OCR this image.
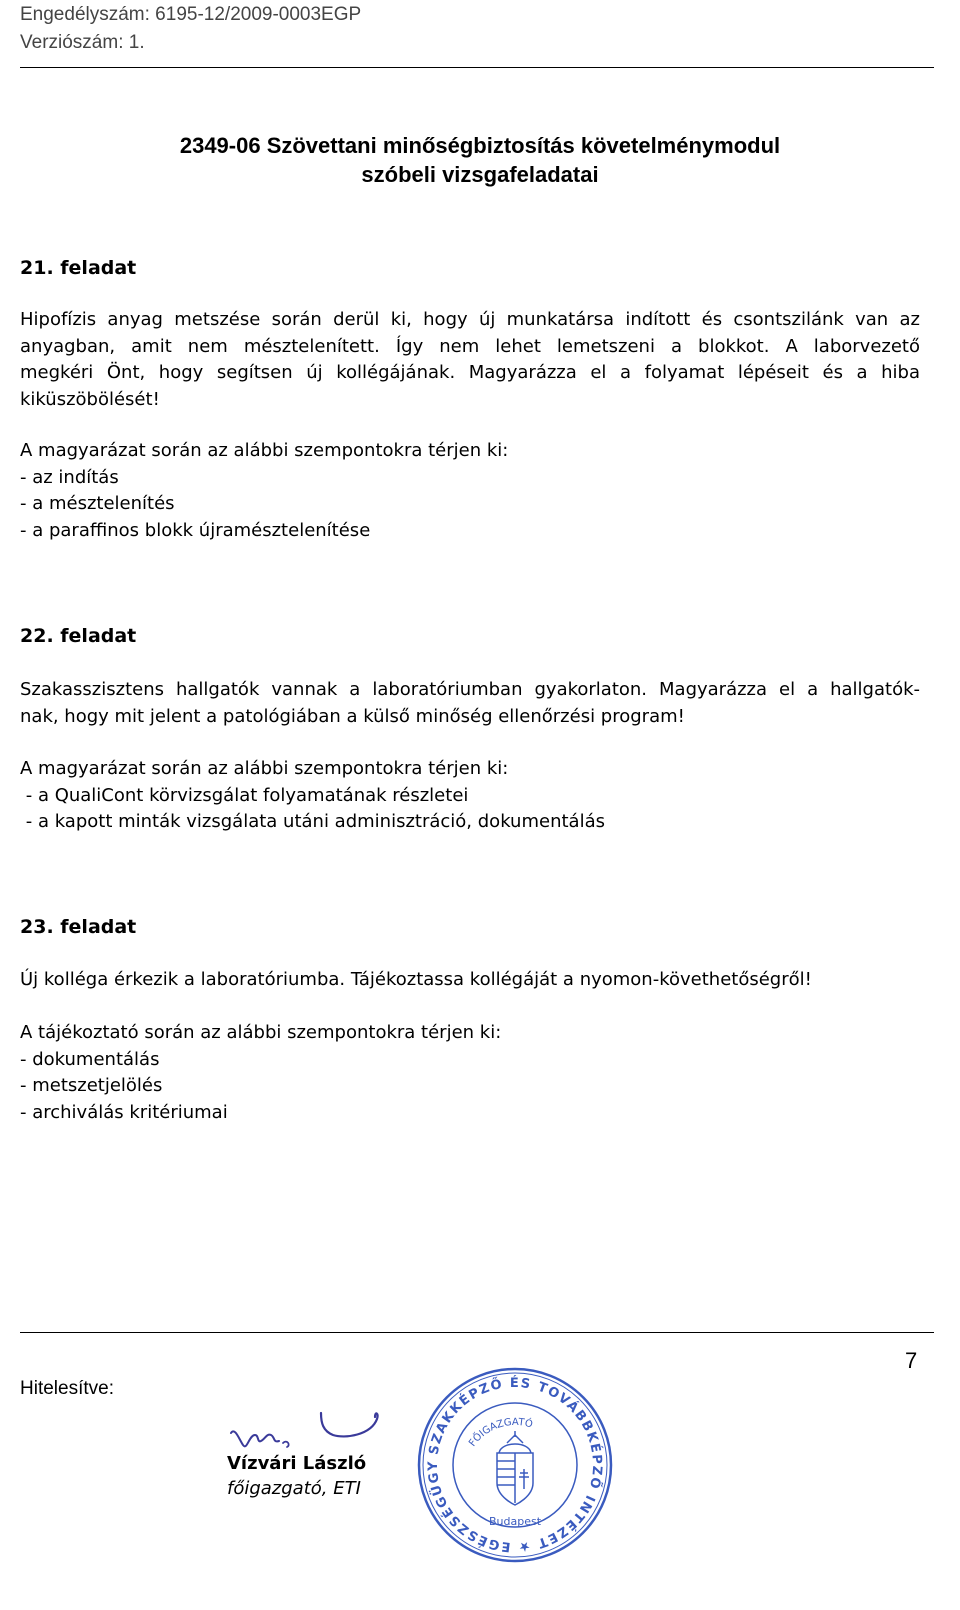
Engedélyszám: 6195-12/2009-0003EGP
Verziószám: 1.
2349-06 Szövettani minőségbiztosítás követelménymodul
szóbeli vizsgafeladatai
21. feladat
Hipofízis anyag metszése során derül ki, hogy új munkatársa indított és csontszilánk van az
anyagban, amit nem mésztelenített. Így nem lehet lemetszeni a blokkot. A laborvezető
megkéri Önt, hogy segítsen új kollégájának. Magyarázza el a folyamat lépéseit és a hiba
kiküszöbölését!
A magyarázat során az alábbi szempontokra térjen ki:
- az indítás
- a mésztelenítés
- a paraffinos blokk újramésztelenítése
22. feladat
Szakasszisztens hallgatók vannak a laboratóriumban gyakorlaton. Magyarázza el a hallgatók-
nak, hogy mit jelent a patológiában a külső minőség ellenőrzési program!
A magyarázat során az alábbi szempontokra térjen ki:
- a QualiCont körvizsgálat folyamatának részletei
- a kapott minták vizsgálata utáni adminisztráció, dokumentálás
23. feladat
Új kolléga érkezik a laboratóriumba. Tájékoztassa kollégáját a nyomon-követhetőségről!
A tájékoztató során az alábbi szempontokra térjen ki:
- dokumentálás
- metszetjelölés
- archiválás kritériumai
7
Hitelesítve:
Vízvári László
főigazgató, ETI
SZAKKÉPZŐ ÉS TOVÁBBKÉPZŐ INTÉZET ★ EGÉSZSÉGÜGY
FŐIGAZGATÓ
Budapest
